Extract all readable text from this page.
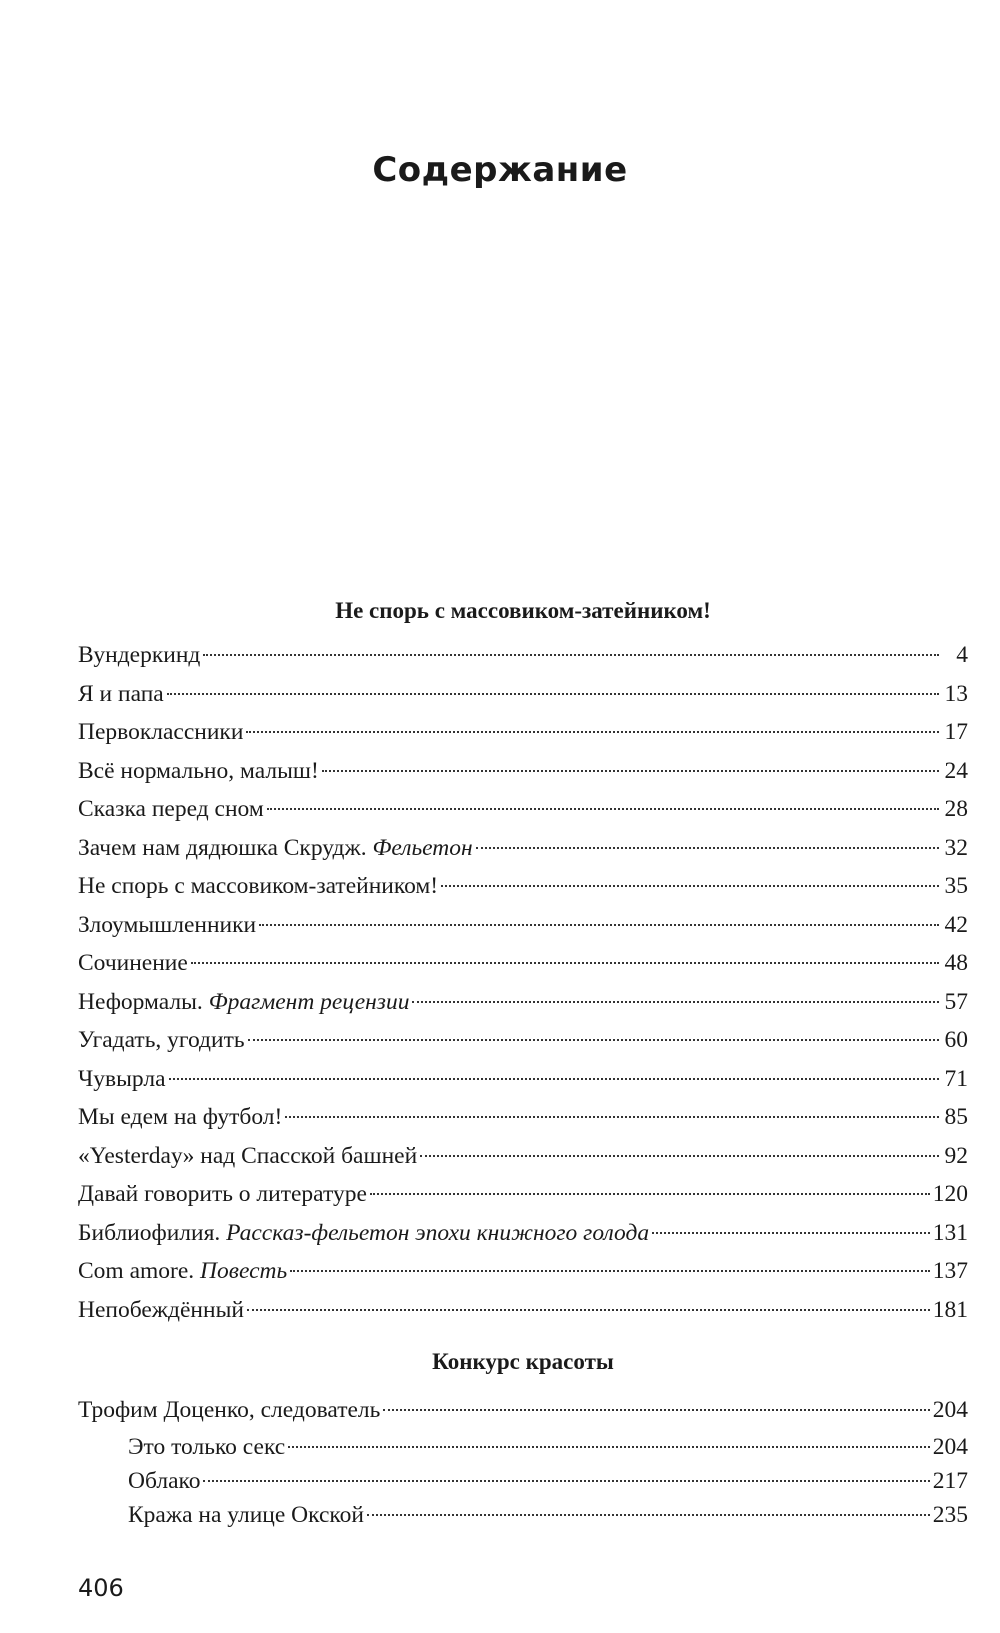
Содержание
Не спорь с массовиком-затейником!
Вундеркинд	4
Я и папа	13
Первоклассники	17
Всё нормально, малыш!	24
Сказка перед сном	28
Зачем нам дядюшка Скрудж. Фельетон	32
Не спорь с массовиком-затейником!	35
Злоумышленники	42
Сочинение	48
Неформалы. Фрагмент рецензии	57
Угадать, угодить	60
Чувырла	71
Мы едем на футбол!	85
«Yesterday» над Спасской башней	92
Давай говорить о литературе	120
Библиофилия. Рассказ-фельетон эпохи книжного голода	131
Com amore. Повесть	137
Непобеждённый	181
Конкурс красоты
Трофим Доценко, следователь	204
Это только секс	204
Облако	217
Кража на улице Окской	235
406
